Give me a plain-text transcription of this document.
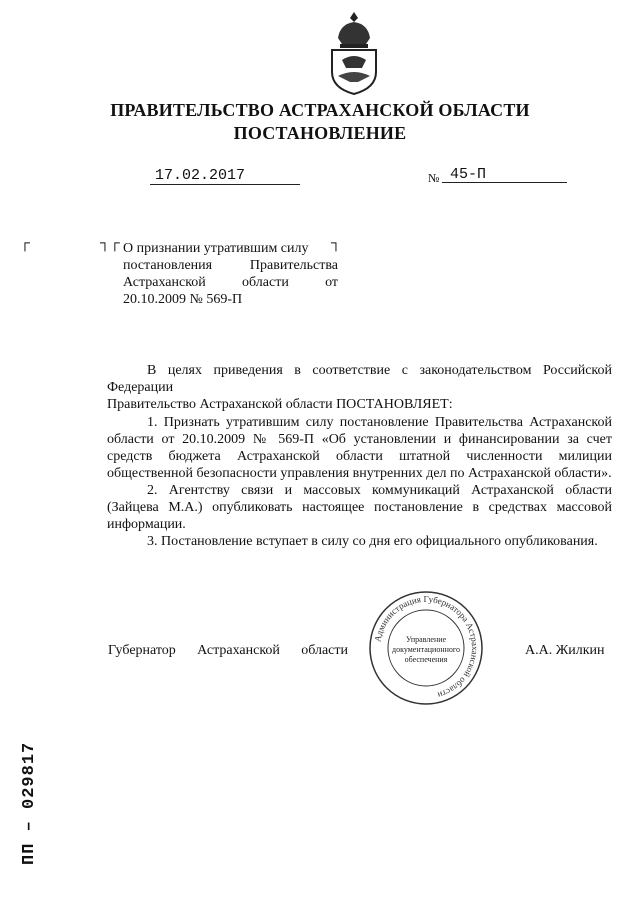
ПРАВИТЕЛЬСТВО АСТРАХАНСКОЙ ОБЛАСТИ
ПОСТАНОВЛЕНИЕ
17.02.2017	№ 45-П
┌	┐┌	┐

О признании утратившим силу

постановления Правительства

Астраханской области от

20.10.2009 № 569-П

В целях приведения в соответствие с законодательством Российской Федерации

Правительство Астраханской области ПОСТАНОВЛЯЕТ:

1. Признать утратившим силу постановление Правительства Астраханской области от 20.10.2009 № 569-П «Об установлении и финансировании за счет средств бюджета Астраханской области штатной численности милиции общественной безопасности управления внутренних дел по Астраханской области».

2. Агентству связи и массовых коммуникаций Астраханской области (Зайцева М.А.) опубликовать настоящее постановление в средствах массовой информации.

3. Постановление вступает в силу со дня его официального опубликования.

Губернатор Астраханской области	А.А. Жилкин
Администрация Губернатора Астраханской области
Управление
документационного
обеспечения
ПП – 029817
